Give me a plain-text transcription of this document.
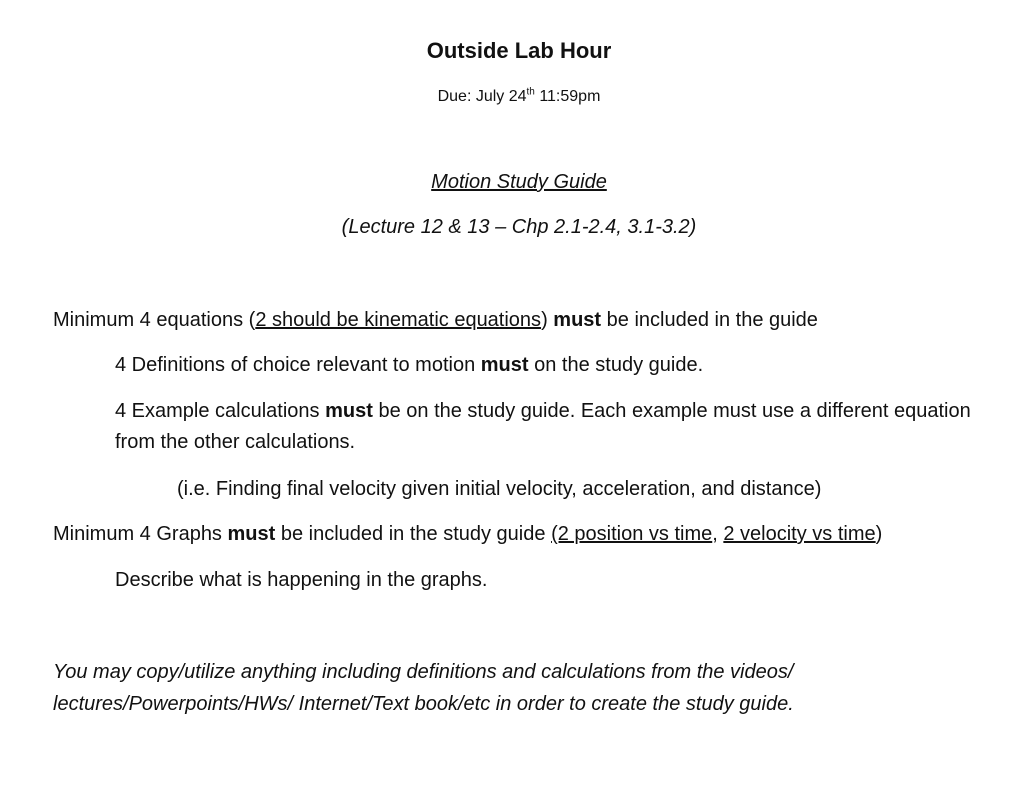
Outside Lab Hour
Due: July 24th 11:59pm
Motion Study Guide
(Lecture 12 & 13 – Chp 2.1-2.4, 3.1-3.2)
Minimum 4 equations (2 should be kinematic equations) must be included in the guide
4 Definitions of choice relevant to motion must on the study guide.
4 Example calculations must be on the study guide. Each example must use a different equation from the other calculations.
(i.e. Finding final velocity given initial velocity, acceleration, and distance)
Minimum 4 Graphs must be included in the study guide (2 position vs time, 2 velocity vs time)
Describe what is happening in the graphs.
You may copy/utilize anything including definitions and calculations from the videos/ lectures/Powerpoints/HWs/ Internet/Text book/etc in order to create the study guide.
